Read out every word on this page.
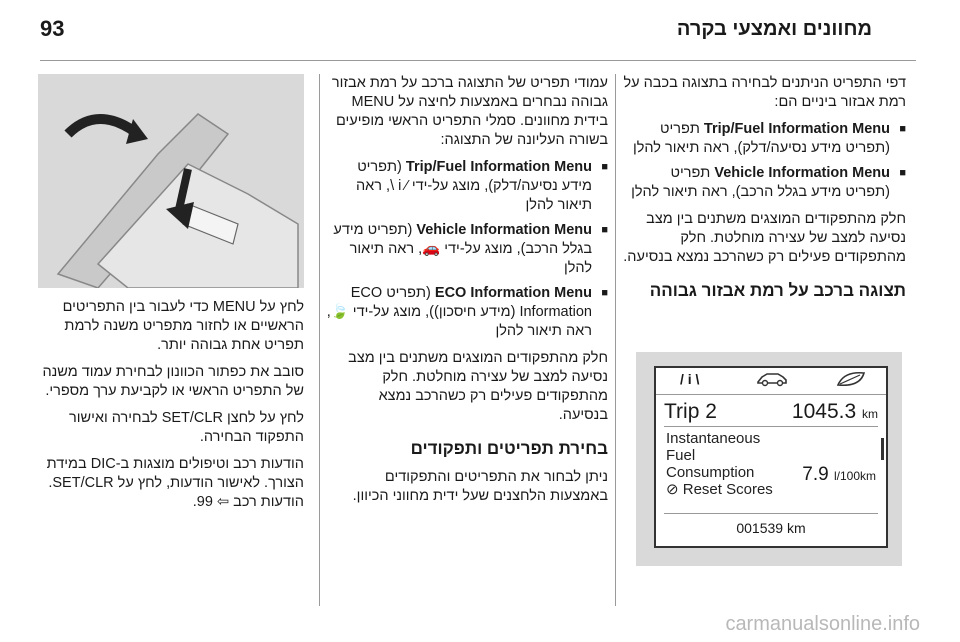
93	מחוונים ואמצעי בקרה

דפי התפריט הניתנים לבחירה בתצוגה בכבה על רמת אבזור ביניים הם:

■ Trip/Fuel Information Menu תפריט (תפריט מידע נסיעה/דלק), ראה תיאור להלן
■ Vehicle Information Menu תפריט (תפריט מידע בגלל הרכב), ראה תיאור להלן

חלק מהתפקודים המוצגים משתנים בין מצב נסיעה למצב של עצירה מוחלטת. חלק מהתפקודים פעילים רק כשהרכב נמצא בנסיעה.

תצוגה ברכב על רמת אבזור גבוהה
/ i \
Trip 2	1045.3 km
Instantaneous
Fuel
Consumption
⊘ Reset Scores
7.9 l/100km
001539 km

עמודי תפריט של התצוגה ברכב על רמת אבזור גבוהה נבחרים באמצעות לחיצה על MENU בידית מחוונים. סמלי התפריט הראשי מופיעים בשורה העליונה של התצוגה:

■ Trip/Fuel Information Menu (תפריט מידע נסיעה/דלק), מוצג על-ידי ⁄ i \, ראה תיאור להלן
■ Vehicle Information Menu (תפריט מידע בגלל הרכב), מוצג על-ידי 🚗, ראה תיאור להלן
■ ECO Information Menu (תפריט ECO Information (מידע חיסכון)), מוצג על-ידי 🍃, ראה תיאור להלן

חלק מהתפקודים המוצגים משתנים בין מצב נסיעה למצב של עצירה מוחלטת. חלק מהתפקודים פעילים רק כשהרכב נמצא בנסיעה.

בחירת תפריטים ותפקודים

ניתן לבחור את התפריטים והתפקודים באמצעות הלחצנים שעל ידית מחווני הכיוון.

לחץ על MENU כדי לעבור בין התפריטים הראשיים או לחזור מתפריט משנה לרמת תפריט אחת גבוהה יותר.

סובב את כפתור הכוונון לבחירת עמוד משנה של התפריט הראשי או לקביעת ערך מספרי.

לחץ על לחצן SET/CLR לבחירה ואישור התפקוד הבחירה.

הודעות רכב וטיפולים מוצגות ב-DIC במידת הצורך. לאישור הודעות, לחץ על SET/CLR. הודעות רכב ⇦ 99.

carmanualsonline.info
